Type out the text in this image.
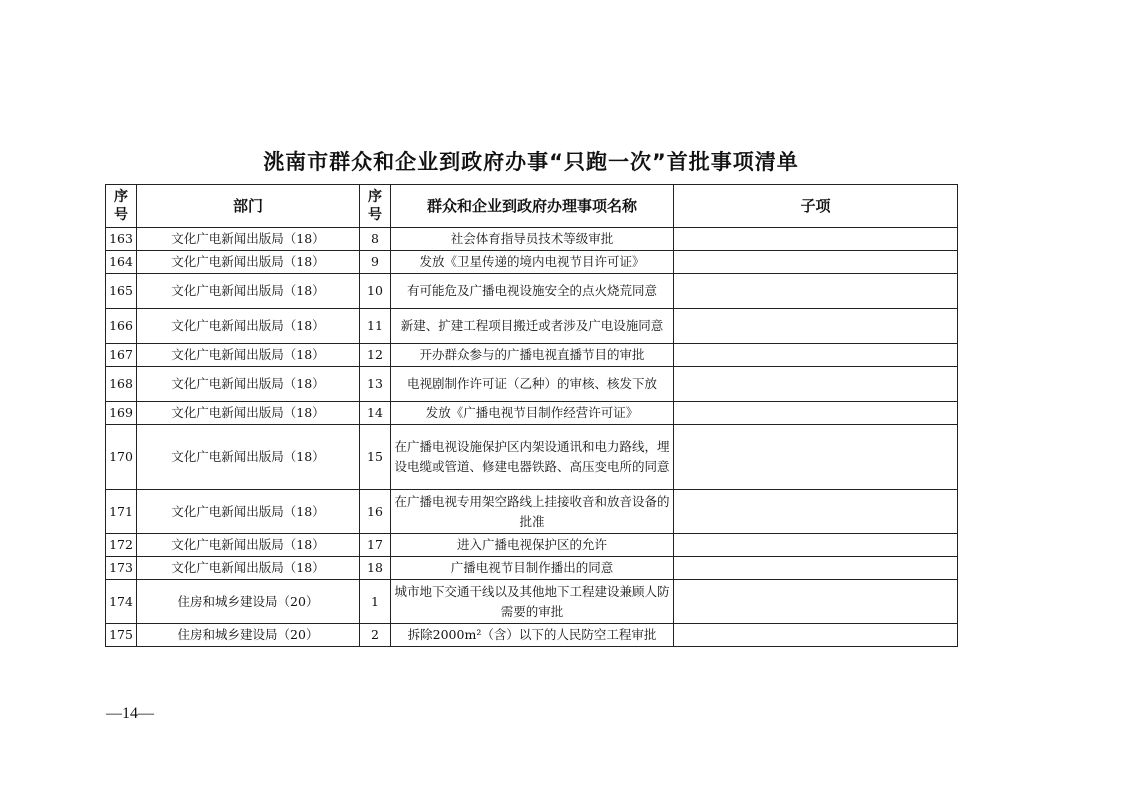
洮南市群众和企业到政府办事“只跑一次”首批事项清单
序号	部门	序号	群众和企业到政府办理事项名称	子项
163	文化广电新闻出版局（18）	8	社会体育指导员技术等级审批	
164	文化广电新闻出版局（18）	9	发放《卫星传递的境内电视节目许可证》	
165	文化广电新闻出版局（18）	10	有可能危及广播电视设施安全的点火烧荒同意	
166	文化广电新闻出版局（18）	11	新建、扩建工程项目搬迁或者涉及广电设施同意	
167	文化广电新闻出版局（18）	12	开办群众参与的广播电视直播节目的审批	
168	文化广电新闻出版局（18）	13	电视剧制作许可证（乙种）的审核、核发下放	
169	文化广电新闻出版局（18）	14	发放《广播电视节目制作经营许可证》	
170	文化广电新闻出版局（18）	15	在广播电视设施保护区内架设通讯和电力路线，埋设电缆或管道、修建电器铁路、高压变电所的同意	
171	文化广电新闻出版局（18）	16	在广播电视专用架空路线上挂接收音和放音设备的批准	
172	文化广电新闻出版局（18）	17	进入广播电视保护区的允许	
173	文化广电新闻出版局（18）	18	广播电视节目制作播出的同意	
174	住房和城乡建设局（20）	1	城市地下交通干线以及其他地下工程建设兼顾人防需要的审批	
175	住房和城乡建设局（20）	2	拆除2000m²（含）以下的人民防空工程审批	
—14—
